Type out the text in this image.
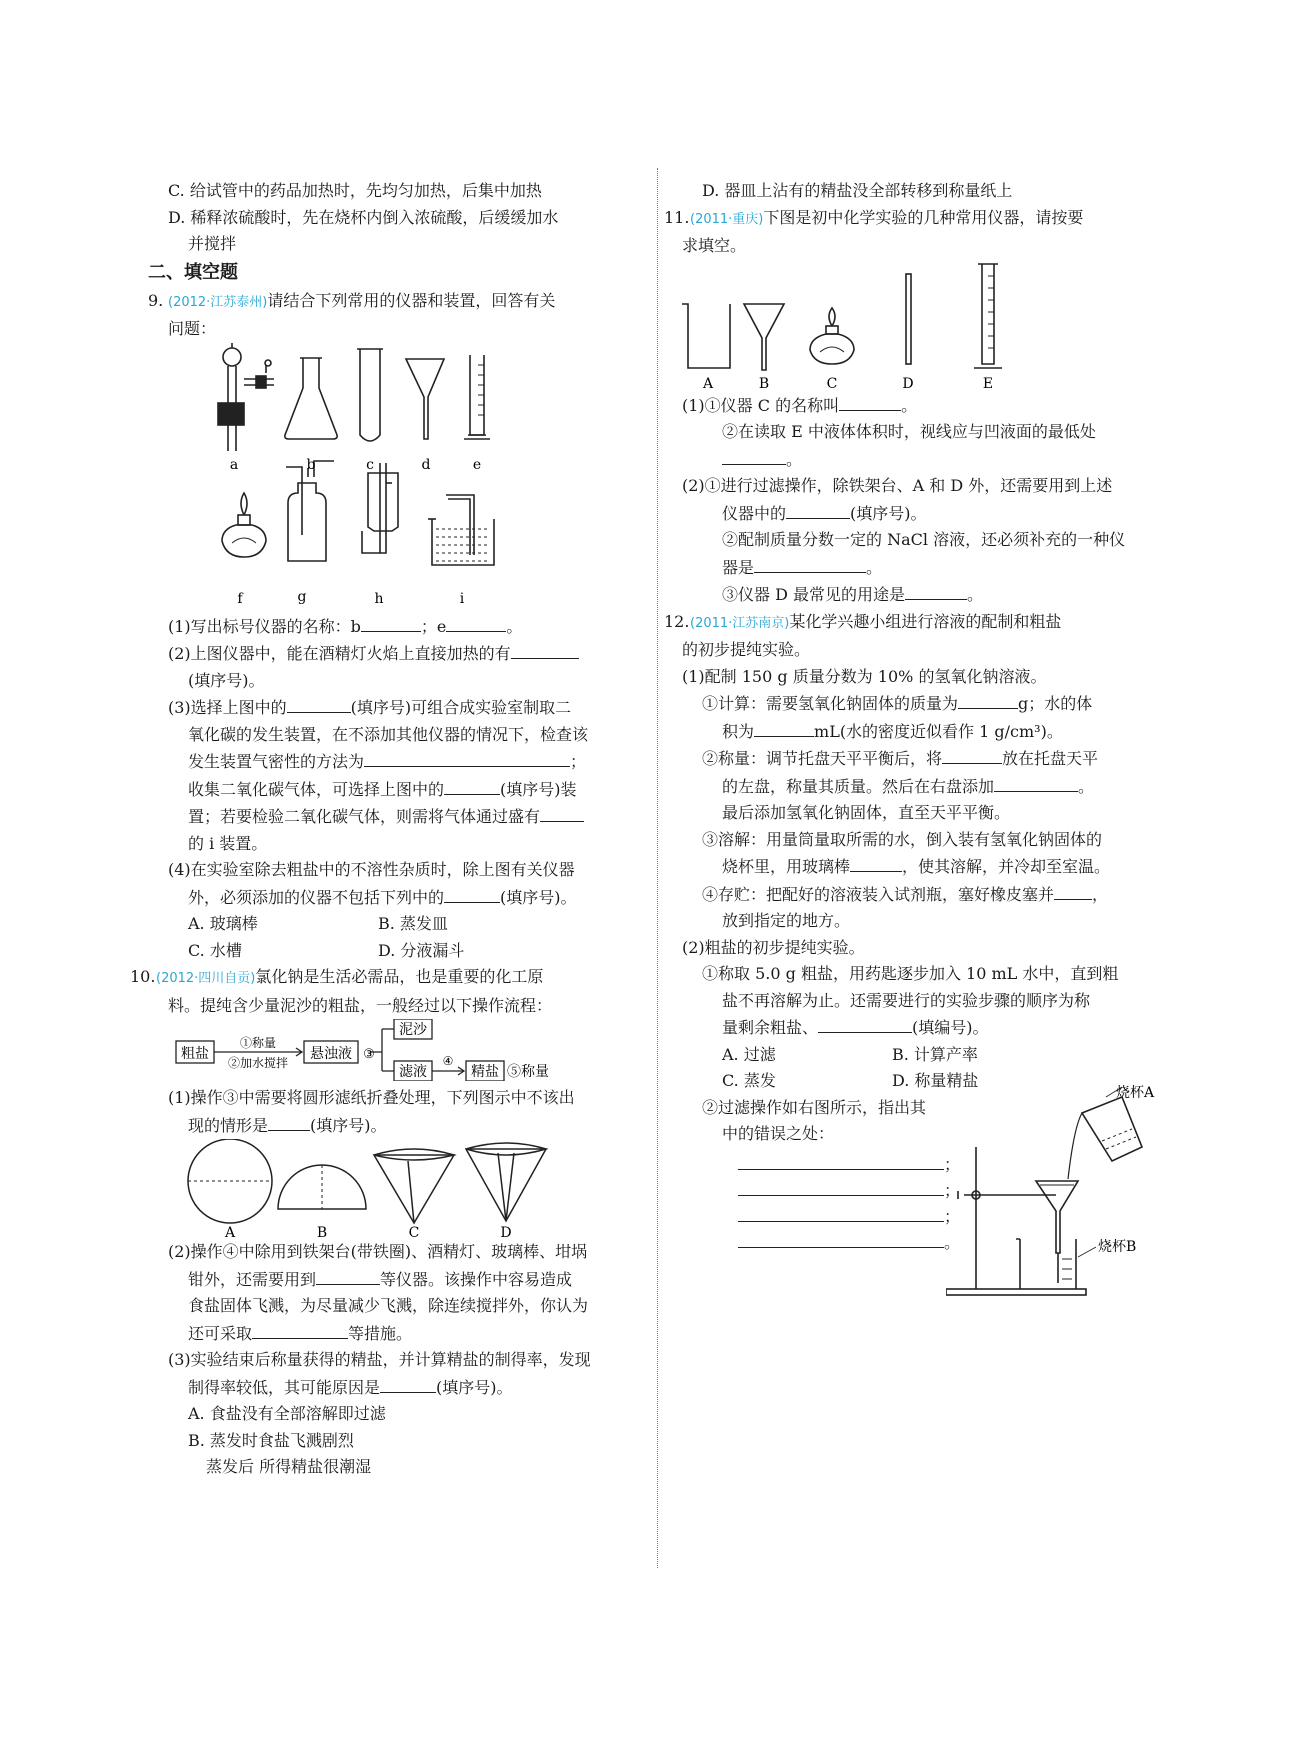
C. 给试管中的药品加热时，先均匀加热，后集中加热

D. 稀释浓硫酸时，先在烧杯内倒入浓硫酸，后缓缓加水

并搅拌

二、填空题

9. (2012·江苏泰州)请结合下列常用的仪器和装置，回答有关

问题：

a	b	c	d	e
f	g	h	i

(1)写出标号仪器的名称：b	；e	。

(2)上图仪器中，能在酒精灯火焰上直接加热的有

(填序号)。

(3)选择上图中的	(填序号)可组合成实验室制取二

氧化碳的发生装置，在不添加其他仪器的情况下，检查该

发生装置气密性的方法为	；

收集二氧化碳气体，可选择上图中的	(填序号)装

置；若要检验二氧化碳气体，则需将气体通过盛有

的 i 装置。

(4)在实验室除去粗盐中的不溶性杂质时，除上图有关仪器

外，必须添加的仪器不包括下列中的	(填序号)。

A. 玻璃棒	B. 蒸发皿

C. 水槽	D. 分液漏斗

10.(2012·四川自贡)氯化钠是生活必需品，也是重要的化工原

料。提纯含少量泥沙的粗盐，一般经过以下操作流程：

粗盐
①称量
②加水搅拌
悬浊液 ③
泥沙
滤液
④
精盐 ⑤称量

(1)操作③中需要将圆形滤纸折叠处理，下列图示中不该出

现的情形是	(填序号)。

A	B	C	D

(2)操作④中除用到铁架台(带铁圈)、酒精灯、玻璃棒、坩埚

钳外，还需要用到	等仪器。该操作中容易造成

食盐固体飞溅，为尽量减少飞溅，除连续搅拌外，你认为

还可采取	等措施。

(3)实验结束后称量获得的精盐，并计算精盐的制得率，发现

制得率较低，其可能原因是	(填序号)。

A. 食盐没有全部溶解即过滤

B. 蒸发时食盐飞溅剧烈

蒸发后 所得精盐很潮湿

D. 器皿上沾有的精盐没全部转移到称量纸上

11.(2011·重庆)下图是初中化学实验的几种常用仪器，请按要

求填空。

A	B	C	D	E

(1)①仪器 C 的名称叫	。

②在读取 E 中液体体积时，视线应与凹液面的最低处

。

(2)①进行过滤操作，除铁架台、A 和 D 外，还需要用到上述

仪器中的	(填序号)。

②配制质量分数一定的 NaCl 溶液，还必须补充的一种仪

器是	。

③仪器 D 最常见的用途是	。

12.(2011·江苏南京)某化学兴趣小组进行溶液的配制和粗盐

的初步提纯实验。

(1)配制 150 g 质量分数为 10% 的氢氧化钠溶液。

①计算：需要氢氧化钠固体的质量为	g；水的体

积为	mL(水的密度近似看作 1 g/cm³)。

②称量：调节托盘天平平衡后，将	放在托盘天平

的左盘，称量其质量。然后在右盘添加	。

最后添加氢氧化钠固体，直至天平平衡。

③溶解：用量筒量取所需的水，倒入装有氢氧化钠固体的

烧杯里，用玻璃棒	，使其溶解，并冷却至室温。

④存贮：把配好的溶液装入试剂瓶，塞好橡皮塞并 ，

放到指定的地方。

(2)粗盐的初步提纯实验。

①称取 5.0 g 粗盐，用药匙逐步加入 10 mL 水中，直到粗

盐不再溶解为止。还需要进行的实验步骤的顺序为称

量剩余粗盐、	(填编号)。

A. 过滤	B. 计算产率

C. 蒸发	D. 称量精盐

②过滤操作如右图所示，指出其

中的错误之处：

；

；

；

。

烧杯A
烧杯B
